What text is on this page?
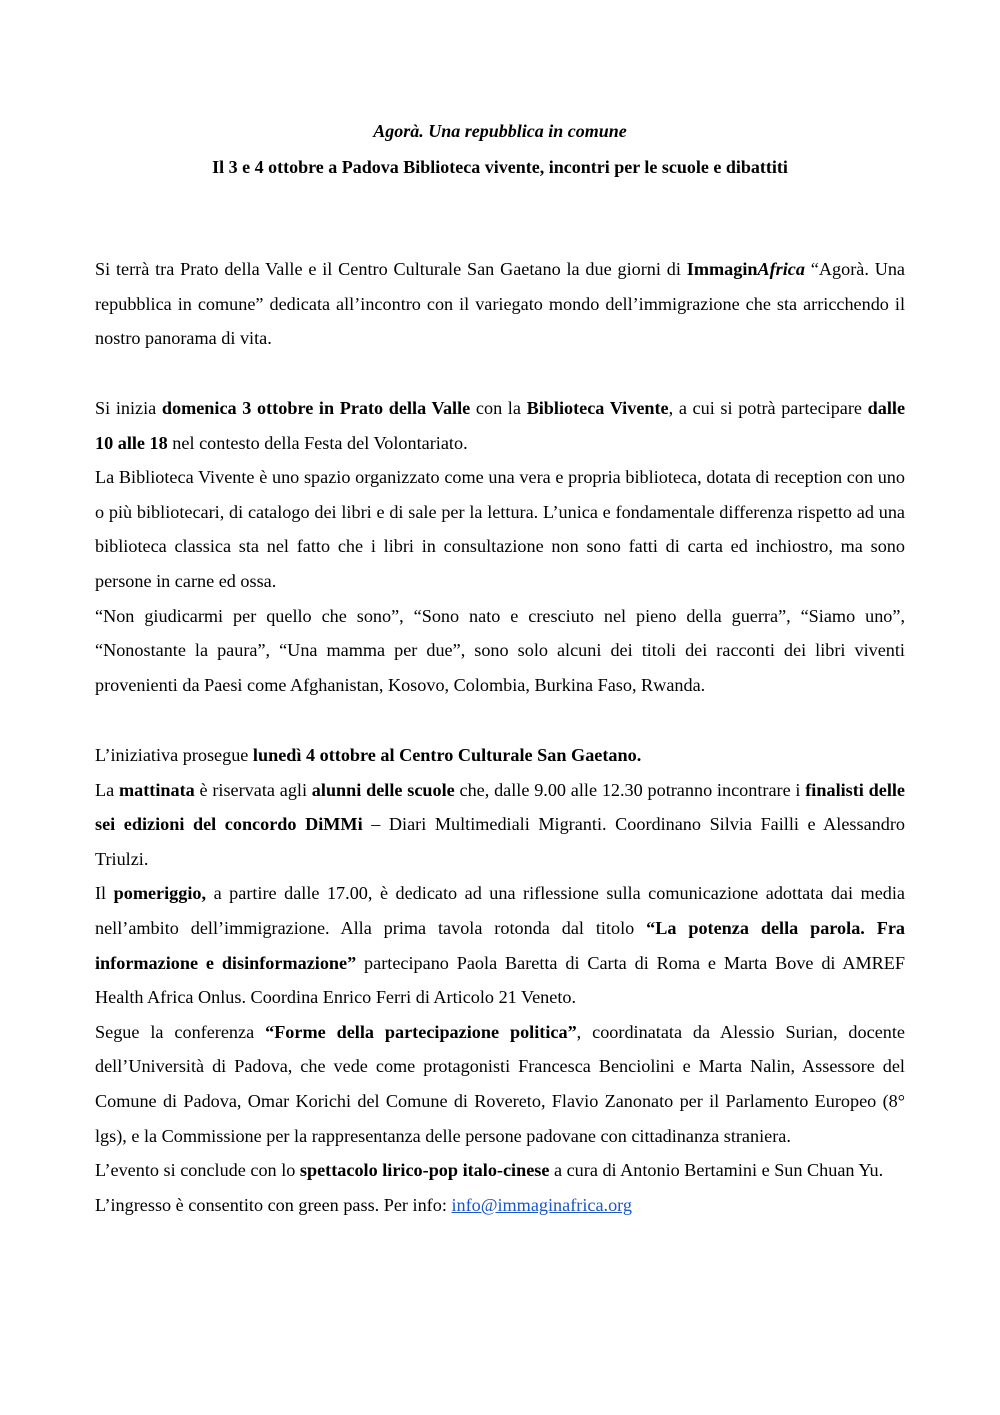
Agorà. Una repubblica in comune
Il 3 e 4 ottobre a Padova Biblioteca vivente, incontri per le scuole e dibattiti

Si terrà tra Prato della Valle e il Centro Culturale San Gaetano la due giorni di ImmaginAfrica “Agorà. Una repubblica in comune” dedicata all’incontro con il variegato mondo dell’immigrazione che sta arricchendo il nostro panorama di vita.

Si inizia domenica 3 ottobre in Prato della Valle con la Biblioteca Vivente, a cui si potrà partecipare dalle 10 alle 18 nel contesto della Festa del Volontariato.

La Biblioteca Vivente è uno spazio organizzato come una vera e propria biblioteca, dotata di reception con uno o più bibliotecari, di catalogo dei libri e di sale per la lettura. L’unica e fondamentale differenza rispetto ad una biblioteca classica sta nel fatto che i libri in consultazione non sono fatti di carta ed inchiostro, ma sono persone in carne ed ossa.

“Non giudicarmi per quello che sono”, “Sono nato e cresciuto nel pieno della guerra”, “Siamo uno”, “Nonostante la paura”, “Una mamma per due”, sono solo alcuni dei titoli dei racconti dei libri viventi provenienti da Paesi come Afghanistan, Kosovo, Colombia, Burkina Faso, Rwanda.

L’iniziativa prosegue lunedì 4 ottobre al Centro Culturale San Gaetano.

La mattinata è riservata agli alunni delle scuole che, dalle 9.00 alle 12.30 potranno incontrare i finalisti delle sei edizioni del concordo DiMMi – Diari Multimediali Migranti. Coordinano Silvia Failli e Alessandro Triulzi.

Il pomeriggio, a partire dalle 17.00, è dedicato ad una riflessione sulla comunicazione adottata dai media nell’ambito dell’immigrazione. Alla prima tavola rotonda dal titolo “La potenza della parola. Fra informazione e disinformazione” partecipano Paola Baretta di Carta di Roma e Marta Bove di AMREF Health Africa Onlus. Coordina Enrico Ferri di Articolo 21 Veneto.

Segue la conferenza “Forme della partecipazione politica”, coordinatata da Alessio Surian, docente dell’Università di Padova, che vede come protagonisti Francesca Benciolini e Marta Nalin, Assessore del Comune di Padova, Omar Korichi del Comune di Rovereto, Flavio Zanonato per il Parlamento Europeo (8° lgs), e la Commissione per la rappresentanza delle persone padovane con cittadinanza straniera.

L’evento si conclude con lo spettacolo lirico-pop italo-cinese a cura di Antonio Bertamini e Sun Chuan Yu.

L’ingresso è consentito con green pass. Per info: info@immaginafrica.org
